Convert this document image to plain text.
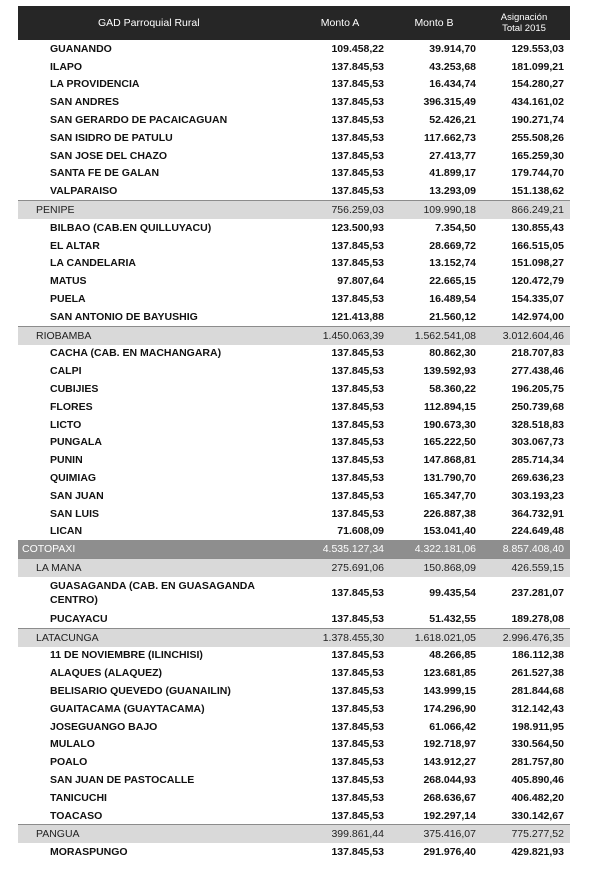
GAD Parroquial Rural	Monto A	Monto B	Asignación
Total 2015
GUANANDO	109.458,22	39.914,70	129.553,03
ILAPO	137.845,53	43.253,68	181.099,21
LA PROVIDENCIA	137.845,53	16.434,74	154.280,27
SAN ANDRES	137.845,53	396.315,49	434.161,02
SAN GERARDO DE PACAICAGUAN	137.845,53	52.426,21	190.271,74
SAN ISIDRO DE PATULU	137.845,53	117.662,73	255.508,26
SAN JOSE DEL CHAZO	137.845,53	27.413,77	165.259,30
SANTA FE DE GALAN	137.845,53	41.899,17	179.744,70
VALPARAISO	137.845,53	13.293,09	151.138,62
PENIPE	756.259,03	109.990,18	866.249,21
BILBAO (CAB.EN QUILLUYACU)	123.500,93	7.354,50	130.855,43
EL ALTAR	137.845,53	28.669,72	166.515,05
LA CANDELARIA	137.845,53	13.152,74	151.098,27
MATUS	97.807,64	22.665,15	120.472,79
PUELA	137.845,53	16.489,54	154.335,07
SAN ANTONIO DE BAYUSHIG	121.413,88	21.560,12	142.974,00
RIOBAMBA	1.450.063,39	1.562.541,08	3.012.604,46
CACHA (CAB. EN MACHANGARA)	137.845,53	80.862,30	218.707,83
CALPI	137.845,53	139.592,93	277.438,46
CUBIJIES	137.845,53	58.360,22	196.205,75
FLORES	137.845,53	112.894,15	250.739,68
LICTO	137.845,53	190.673,30	328.518,83
PUNGALA	137.845,53	165.222,50	303.067,73
PUNIN	137.845,53	147.868,81	285.714,34
QUIMIAG	137.845,53	131.790,70	269.636,23
SAN JUAN	137.845,53	165.347,70	303.193,23
SAN LUIS	137.845,53	226.887,38	364.732,91
LICAN	71.608,09	153.041,40	224.649,48
COTOPAXI	4.535.127,34	4.322.181,06	8.857.408,40
LA MANA	275.691,06	150.868,09	426.559,15
GUASAGANDA (CAB. EN GUASAGANDA CENTRO)
137.845,53	99.435,54	237.281,07
PUCAYACU	137.845,53	51.432,55	189.278,08
LATACUNGA	1.378.455,30	1.618.021,05	2.996.476,35
11 DE NOVIEMBRE (ILINCHISI)	137.845,53	48.266,85	186.112,38
ALAQUES (ALAQUEZ)	137.845,53	123.681,85	261.527,38
BELISARIO QUEVEDO (GUANAILIN)	137.845,53	143.999,15	281.844,68
GUAITACAMA (GUAYTACAMA)	137.845,53	174.296,90	312.142,43
JOSEGUANGO BAJO	137.845,53	61.066,42	198.911,95
MULALO	137.845,53	192.718,97	330.564,50
POALO	137.845,53	143.912,27	281.757,80
SAN JUAN DE PASTOCALLE	137.845,53	268.044,93	405.890,46
TANICUCHI	137.845,53	268.636,67	406.482,20
TOACASO	137.845,53	192.297,14	330.142,67
PANGUA	399.861,44	375.416,07	775.277,52
MORASPUNGO	137.845,53	291.976,40	429.821,93
